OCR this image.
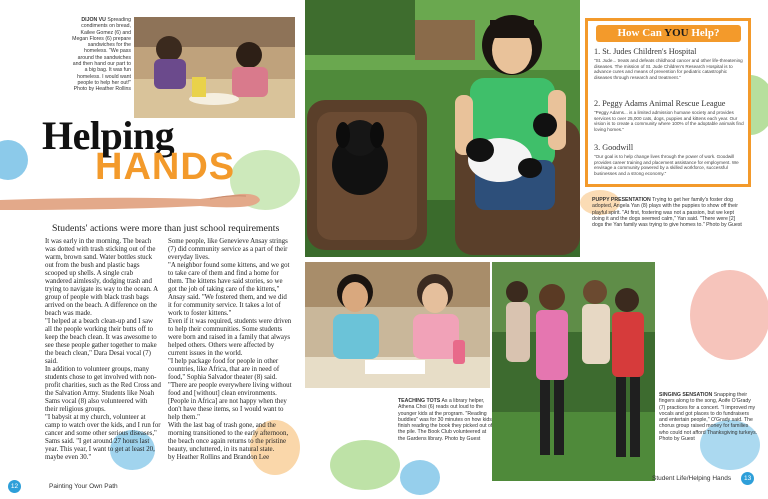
DIJON VU Spreading condiments on bread, Kailee Gomez (6) and Megan Flores (6) prepare sandwiches for the homeless. "We pass around the sandwiches and then hand our part to a big bag. It was fun homeless. I would want people to help her out!" Photo by Heather Rollins
Helping
HANDS
Students' actions were more than just school requirements

It was early in the morning. The beach was dotted with trash sticking out of the warm, brown sand. Water bottles stuck out from the bush and plastic bags scooped up shells. A single crab wandered aimlessly, dodging trash and trying to navigate its way to the ocean. A group of people with black trash bags arrived on the beach. A difference on the beach was made.

"I helped at a beach clean-up and I saw all the people working their butts off to keep the beach clean. It was awesome to see these people gather together to make the beach clean," Dara Desai vocal (7) said.

In addition to volunteer groups, many students chose to get involved with non-profit charities, such as the Red Cross and the Salvation Army. Students like Noah Sams vocal (8) also volunteered with their religious groups.

"I babysit at my church, volunteer at camp to watch over the kids, and I run for cancer and some other serious diseases," Sams said. "I get around 27 hours last year. This year, I want to get at least 20, maybe even 30."

Some people, like Genevieve Ansay strings (7) did community service as a part of their everyday lives.

"A neighbor found some kittens, and we got to take care of them and find a home for them. The kittens have said stories, so we got the job of taking care of the kittens," Ansay said. "We fostered them, and we did it for community service. It takes a lot of work to foster kittens."

Even if it was required, students were driven to help their communities. Some students were born and raised in a family that always helped others. Others were affected by current issues in the world.

"I help package food for people in other countries, like Africa, that are in need of food," Sophia Salvador theater (8) said. "There are people everywhere living without food and [without] clean environments. [People in Africa] are not happy when they don't have these items, so I would want to help them."

With the last bag of trash gone, and the morning transitioned to the early afternoon, the beach once again returns to the pristine beauty, uncluttered, in its natural state.

by Heather Rollins and Brandon Lee

How Can YOU Help?
1. St. Judes Children's Hospital

"St. Jude... treats and defeats childhood cancer and other life-threatening diseases. The mission of St. Jude Children's Research Hospital is to advance cures and means of prevention for pediatric catastrophic diseases through research and treatment."

2. Peggy Adams Animal Rescue League

"Peggy Adams... is a limited admission humane society and provides services to over 25,000 cats, dogs, puppies and kittens each year. Our vision is to create a community where 100% of the adoptable animals find loving homes."

3. Goodwill

"Our goal is to help change lives through the power of work. Goodwill provides career training and placement assistance for employment. We envisage a community powered by a skilled workforce, successful businesses and a strong economy."

PUPPY PRESENTATION Trying to get her family's foster dog adopted, Angela Yan (8) plays with the puppies to show off their playful spirit. "At first, fostering was not a passion, but we kept doing it and the dogs seemed calm," Yan said. "There were [2] dogs the Yan family was trying to give homes to." Photo by Guest
TEACHING TOTS As a library helper, Athena Choi (6) reads out loud to the younger kids at the program. "Reading buddies" was for 30 minutes on how kids finish reading the book they picked out of the pile. The Book Club volunteered at the Gardens library. Photo by Guest
SINGING SENSATION Snapping their fingers along to the song, Aoife O'Grady (7) practices for a concert. "I improved my vocals and got places to do fundraisers and entertain people," O'Grady said. The chorus group raised money for families who could not afford Thanksgiving turkeys. Photo by Guest
12	Painting Your Own Path
Student Life/Helping Hands 13
